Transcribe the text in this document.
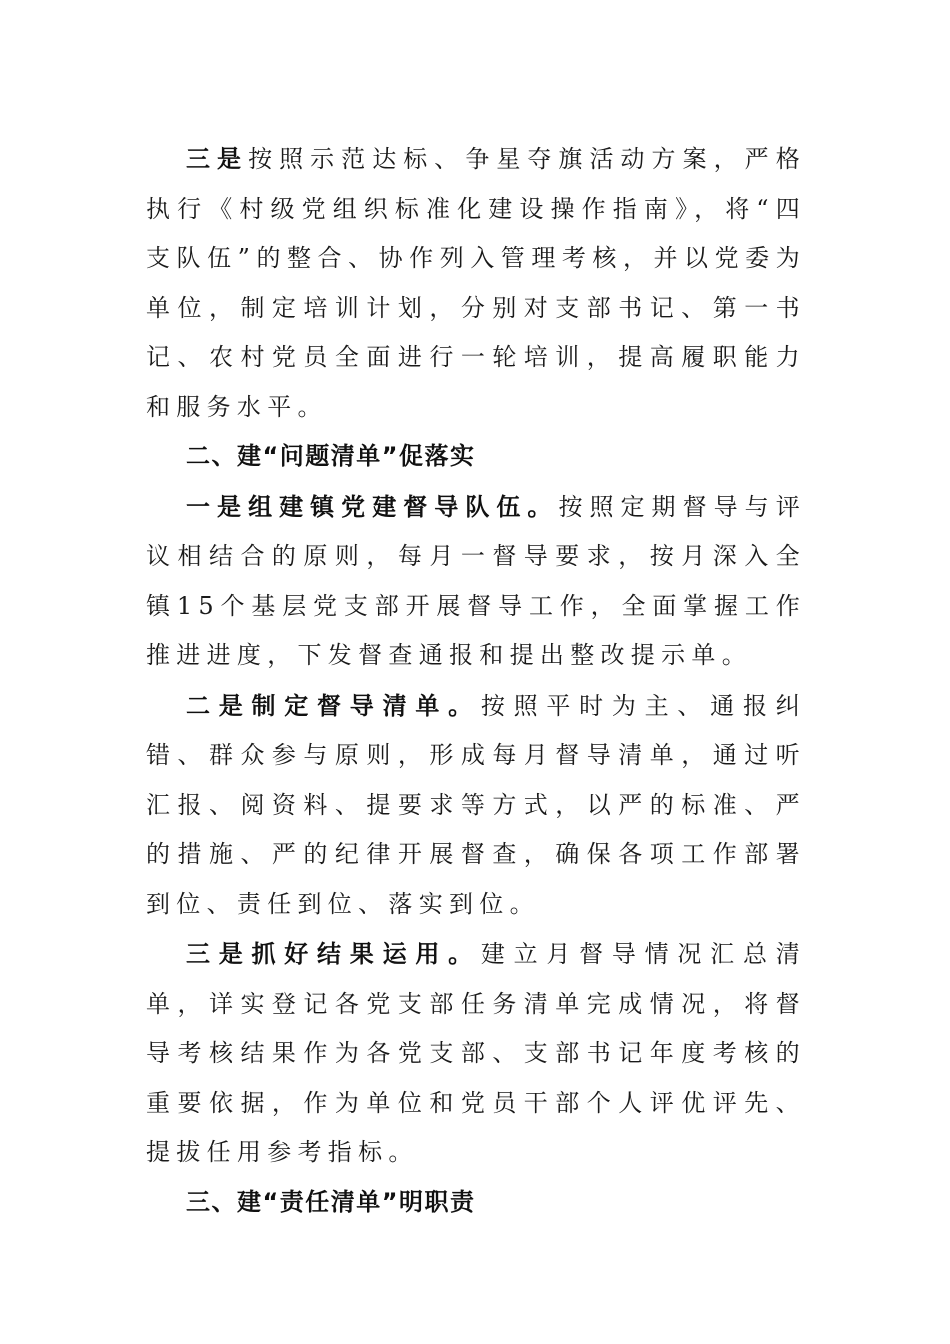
三是按照示范达标、争星夺旗活动方案，严格执行《村级党组织标准化建设操作指南》，将“四支队伍”的整合、协作列入管理考核，并以党委为单位，制定培训计划，分别对支部书记、第一书记、农村党员全面进行一轮培训，提高履职能力和服务水平。

二、建“问题清单”促落实

一是组建镇党建督导队伍。按照定期督导与评议相结合的原则，每月一督导要求，按月深入全镇15个基层党支部开展督导工作，全面掌握工作推进进度，下发督查通报和提出整改提示单。

二是制定督导清单。按照平时为主、通报纠错、群众参与原则，形成每月督导清单，通过听汇报、阅资料、提要求等方式，以严的标准、严的措施、严的纪律开展督查，确保各项工作部署到位、责任到位、落实到位。

三是抓好结果运用。建立月督导情况汇总清单，详实登记各党支部任务清单完成情况，将督导考核结果作为各党支部、支部书记年度考核的重要依据，作为单位和党员干部个人评优评先、提拔任用参考指标。

三、建“责任清单”明职责
